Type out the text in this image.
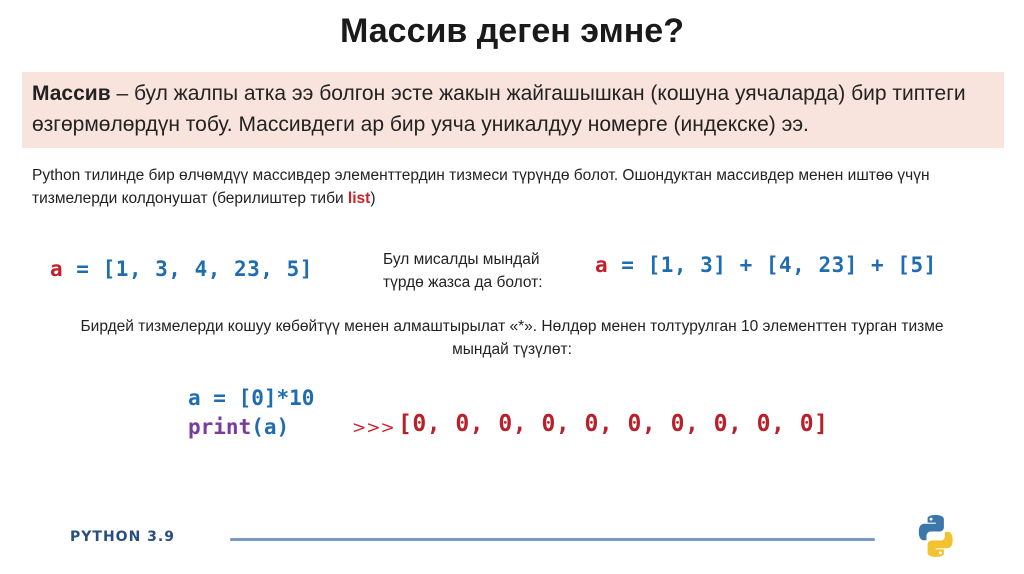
Массив деген эмне?
Массив – бул жалпы атка ээ болгон эсте жакын жайгашышкан (кошуна уячаларда) бир типтеги өзгөрмөлөрдүн тобу. Массивдеги ар бир уяча уникалдуу номерге (индекске) ээ.
Python тилинде бир өлчөмдүү массивдер элементтердин тизмеси түрүндө болот. Ошондуктан массивдер менен иштөө үчүн тизмелерди колдонушат (берилиштер тиби list)
a = [1, 3, 4, 23, 5]	Бул мисалды мындай түрдө жазса да болот:
a = [1, 3] + [4, 23] + [5]
Бирдей тизмелерди кошуу көбөйтүү менен алмаштырылат «*». Нөлдөр менен толтурулган 10 элементтен турган тизме мындай түзүлөт:
a = [0]*10
print(a)	>>> [0, 0, 0, 0, 0, 0, 0, 0, 0, 0]
PYTHON 3.9
